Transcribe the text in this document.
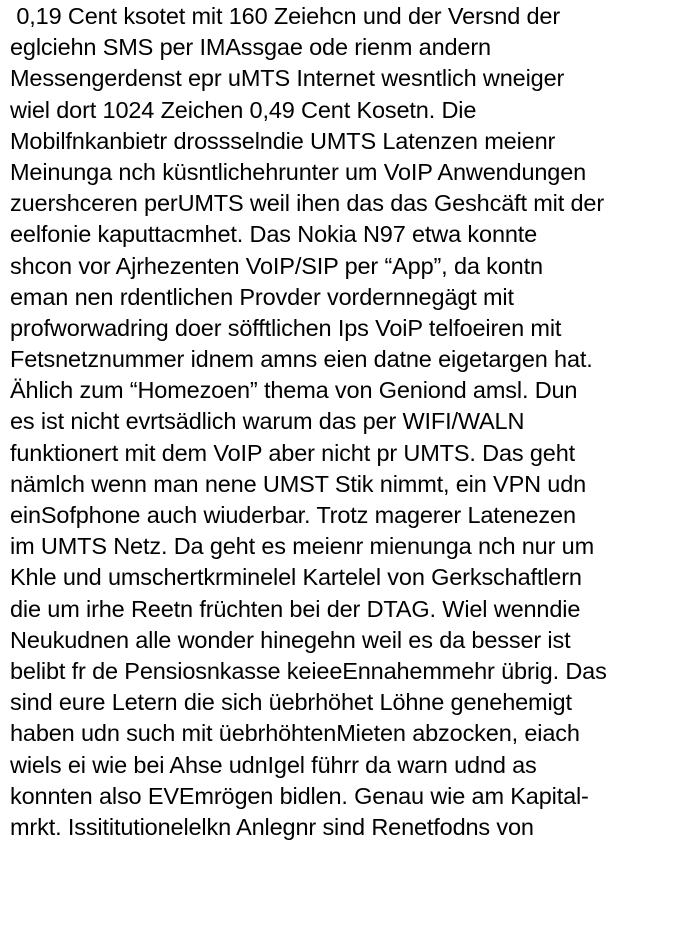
0,19 Cent ksotet mit 160 Zeiehcn und der Versnd der
eglciehn SMS per IMAssgae ode rienm andern
Messengerdenst epr uMTS Internet wesntlich wneiger
wiel dort 1024 Zeichen 0,49 Cent Kosetn. Die
Mobilfnkanbietr drossselndie UMTS Latenzen meienr
Meinunga nch küsntlichehrunter um VoIP Anwendungen
zuershceren perUMTS weil ihen das das Geshcäft mit der
eelfonie kaputtacmhet. Das Nokia N97 etwa konnte
shcon vor Ajrhezenten VoIP/SIP per “App”, da kontn
eman nen rdentlichen Provder vordernnegägt mit
profworwadring doer söfftlichen Ips VoiP telfoeiren mit
Fetsnetznummer idnem amns eien datne eigetargen hat.
Ählich zum “Homezoen” thema von Geniond amsl. Dun
es ist nicht evrtsädlich warum das per WIFI/WALN
funktionert mit dem VoIP aber nicht pr UMTS. Das geht
nämlch wenn man nene UMST Stik nimmt, ein VPN udn
einSofphone auch wiuderbar. Trotz magerer Latenezen
im UMTS Netz. Da geht es meienr mienunga nch nur um
Khle und umschertkrminelel Kartelel von Gerkschaftlern
die um irhe Reetn früchten bei der DTAG. Wiel wenndie
Neukudnen alle wonder hinegehn weil es da besser ist
belibt fr de Pensiosnkasse keieeEnnahemmehr übrig. Das
sind eure Letern die sich üebrhöhet Löhne genehemigt
haben udn such mit üebrhöhtenMieten abzocken, eiach
wiels ei wie bei Ahse udnIgel führr da warn udnd as
konnten also EVEmrögen bidlen. Genau wie am Kapital-
mrkt. Issititutionelelkn Anlegnr sind Renetfodns von
